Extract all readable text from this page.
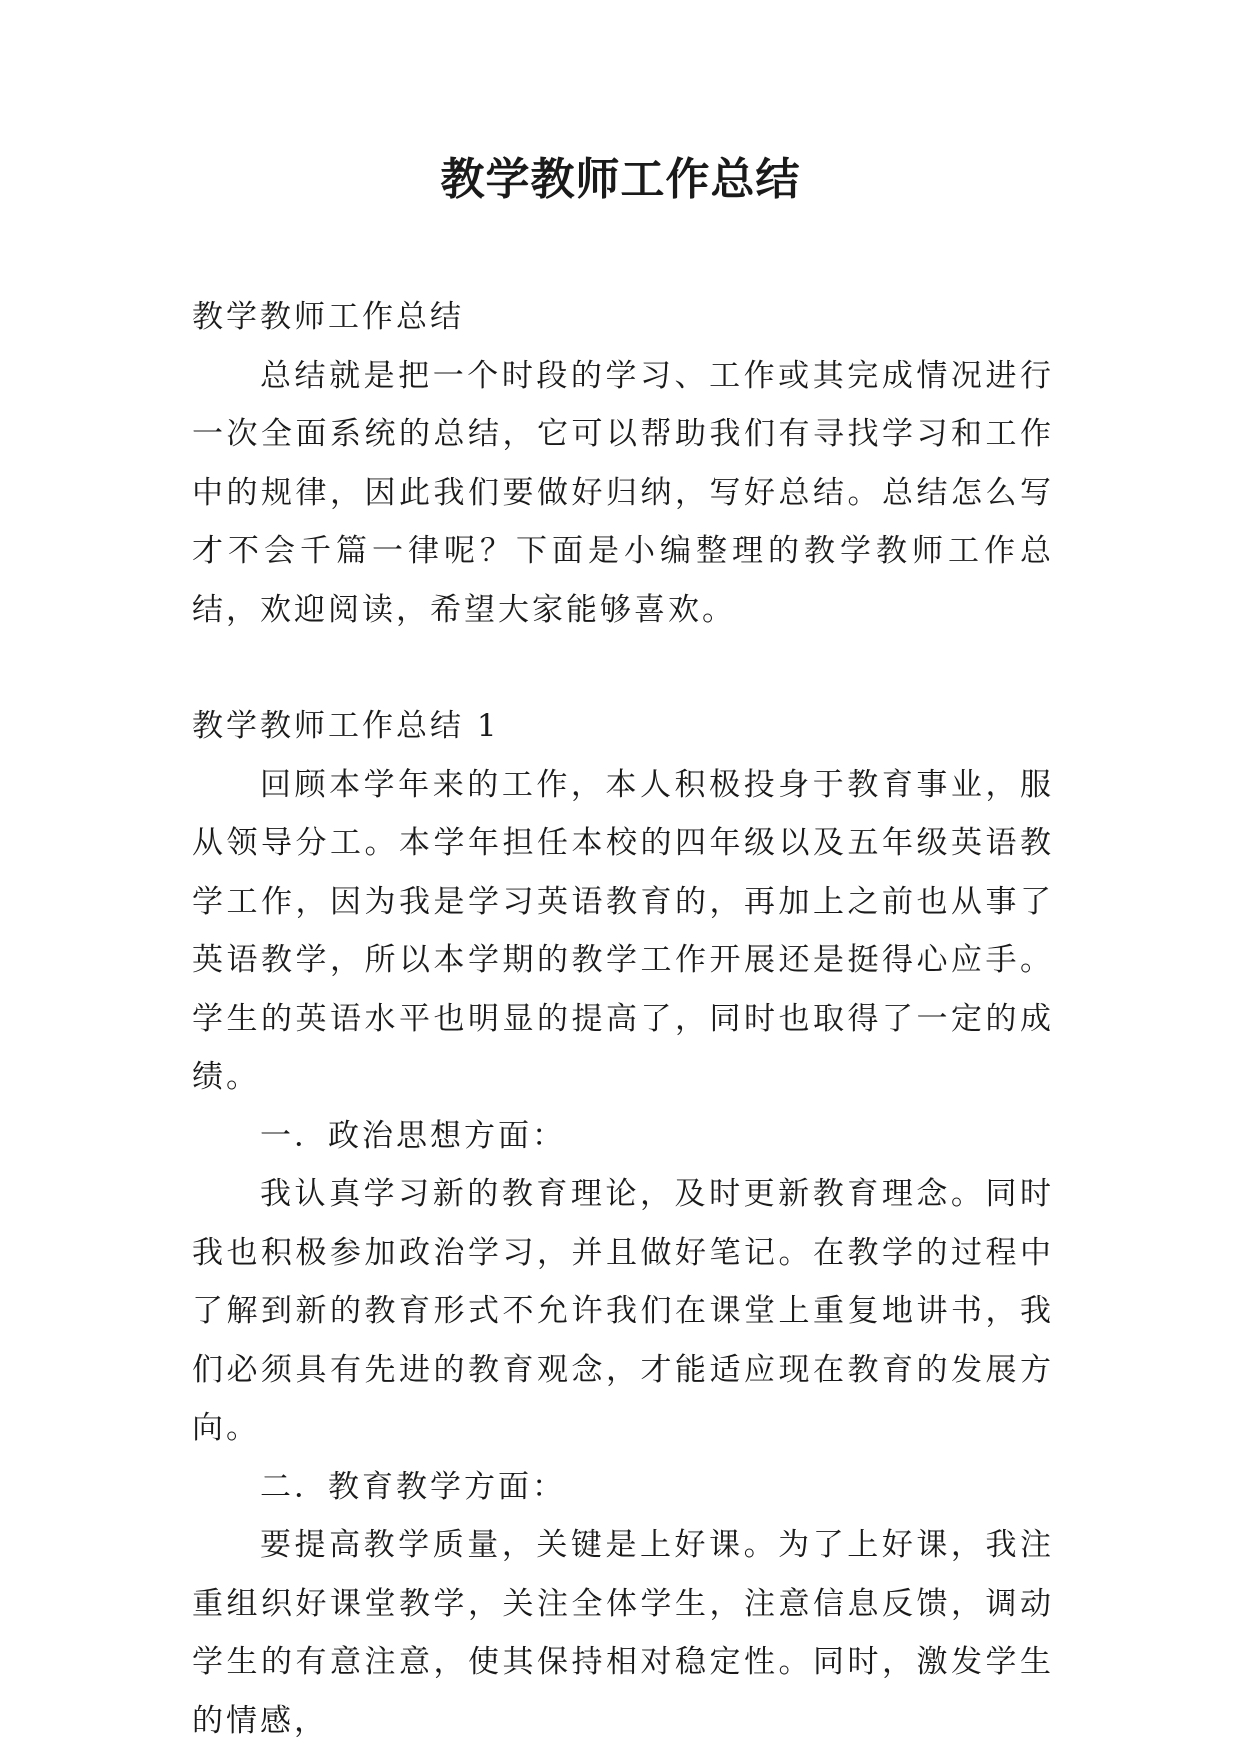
教学教师工作总结

教学教师工作总结

总结就是把一个时段的学习、工作或其完成情况进行一次全面系统的总结，它可以帮助我们有寻找学习和工作中的规律，因此我们要做好归纳，写好总结。总结怎么写才不会千篇一律呢？下面是小编整理的教学教师工作总结，欢迎阅读，希望大家能够喜欢。

教学教师工作总结 1

回顾本学年来的工作，本人积极投身于教育事业，服从领导分工。本学年担任本校的四年级以及五年级英语教学工作，因为我是学习英语教育的，再加上之前也从事了英语教学，所以本学期的教学工作开展还是挺得心应手。学生的英语水平也明显的提高了，同时也取得了一定的成绩。

一．政治思想方面：

我认真学习新的教育理论，及时更新教育理念。同时我也积极参加政治学习，并且做好笔记。在教学的过程中了解到新的教育形式不允许我们在课堂上重复地讲书，我们必须具有先进的教育观念，才能适应现在教育的发展方向。

二．教育教学方面：

要提高教学质量，关键是上好课。为了上好课，我注重组织好课堂教学，关注全体学生，注意信息反馈，调动学生的有意注意，使其保持相对稳定性。同时，激发学生的情感，
